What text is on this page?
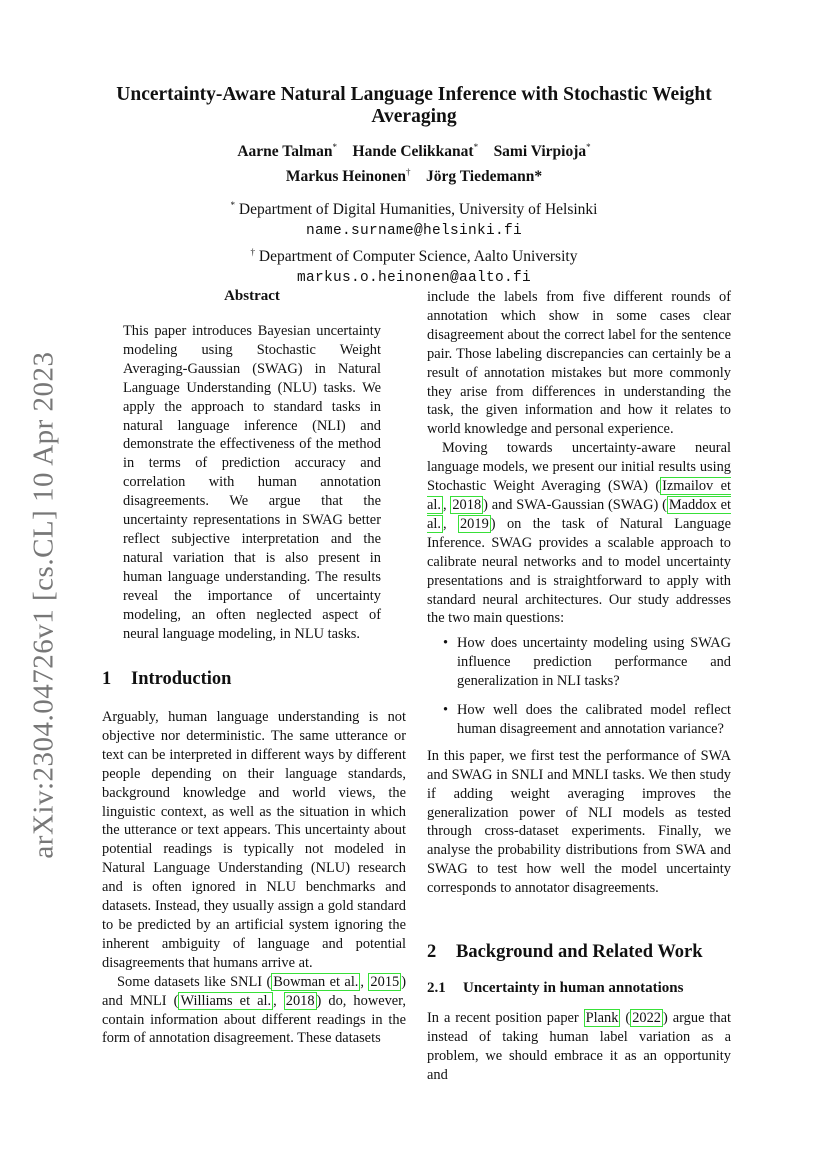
Uncertainty-Aware Natural Language Inference with Stochastic Weight
Averaging
Aarne Talman* Hande Celikkanat* Sami Virpioja*
Markus Heinonen† Jörg Tiedemann*
* Department of Digital Humanities, University of Helsinki
name.surname@helsinki.fi
† Department of Computer Science, Aalto University
markus.o.heinonen@aalto.fi
arXiv:2304.04726v1 [cs.CL] 10 Apr 2023
Abstract
This paper introduces Bayesian uncertainty modeling using Stochastic Weight Averaging-Gaussian (SWAG) in Natural Language Understanding (NLU) tasks. We apply the approach to standard tasks in natural language inference (NLI) and demonstrate the effectiveness of the method in terms of prediction accuracy and correlation with human annotation disagreements. We argue that the uncertainty representations in SWAG better reflect subjective interpretation and the natural variation that is also present in human language understanding. The results reveal the importance of uncertainty modeling, an often neglected aspect of neural language modeling, in NLU tasks.
1 Introduction

Arguably, human language understanding is not objective nor deterministic. The same utterance or text can be interpreted in different ways by different people depending on their language standards, background knowledge and world views, the linguistic context, as well as the situation in which the utterance or text appears. This uncertainty about potential readings is typically not modeled in Natural Language Understanding (NLU) research and is often ignored in NLU benchmarks and datasets. Instead, they usually assign a gold standard to be predicted by an artificial system ignoring the inherent ambiguity of language and potential disagreements that humans arrive at.

Some datasets like SNLI ( Bowman et al. , 2015 ) and MNLI ( Williams et al. , 2018 ) do, however, contain information about different readings in the form of annotation disagreement. These datasets

include the labels from five different rounds of annotation which show in some cases clear disagreement about the correct label for the sentence pair. Those labeling discrepancies can certainly be a result of annotation mistakes but more commonly they arise from differences in understanding the task, the given information and how it relates to world knowledge and personal experience.

Moving towards uncertainty-aware neural language models, we present our initial results using Stochastic Weight Averaging (SWA) ( Izmailov et al. , 2018 ) and SWA-Gaussian (SWAG) ( Maddox et al. , 2019 ) on the task of Natural Language Inference. SWAG provides a scalable approach to calibrate neural networks and to model uncertainty presentations and is straightforward to apply with standard neural architectures. Our study addresses the two main questions:

• How does uncertainty modeling using SWAG influence prediction performance and generalization in NLI tasks?
• How well does the calibrated model reflect human disagreement and annotation variance?

In this paper, we first test the performance of SWA and SWAG in SNLI and MNLI tasks. We then study if adding weight averaging improves the generalization power of NLI models as tested through cross-dataset experiments. Finally, we analyse the probability distributions from SWA and SWAG to test how well the model uncertainty corresponds to annotator disagreements.

2 Background and Related Work
2.1 Uncertainty in human annotations

In a recent position paper Plank ( 2022 ) argue that instead of taking human label variation as a problem, we should embrace it as an opportunity and
